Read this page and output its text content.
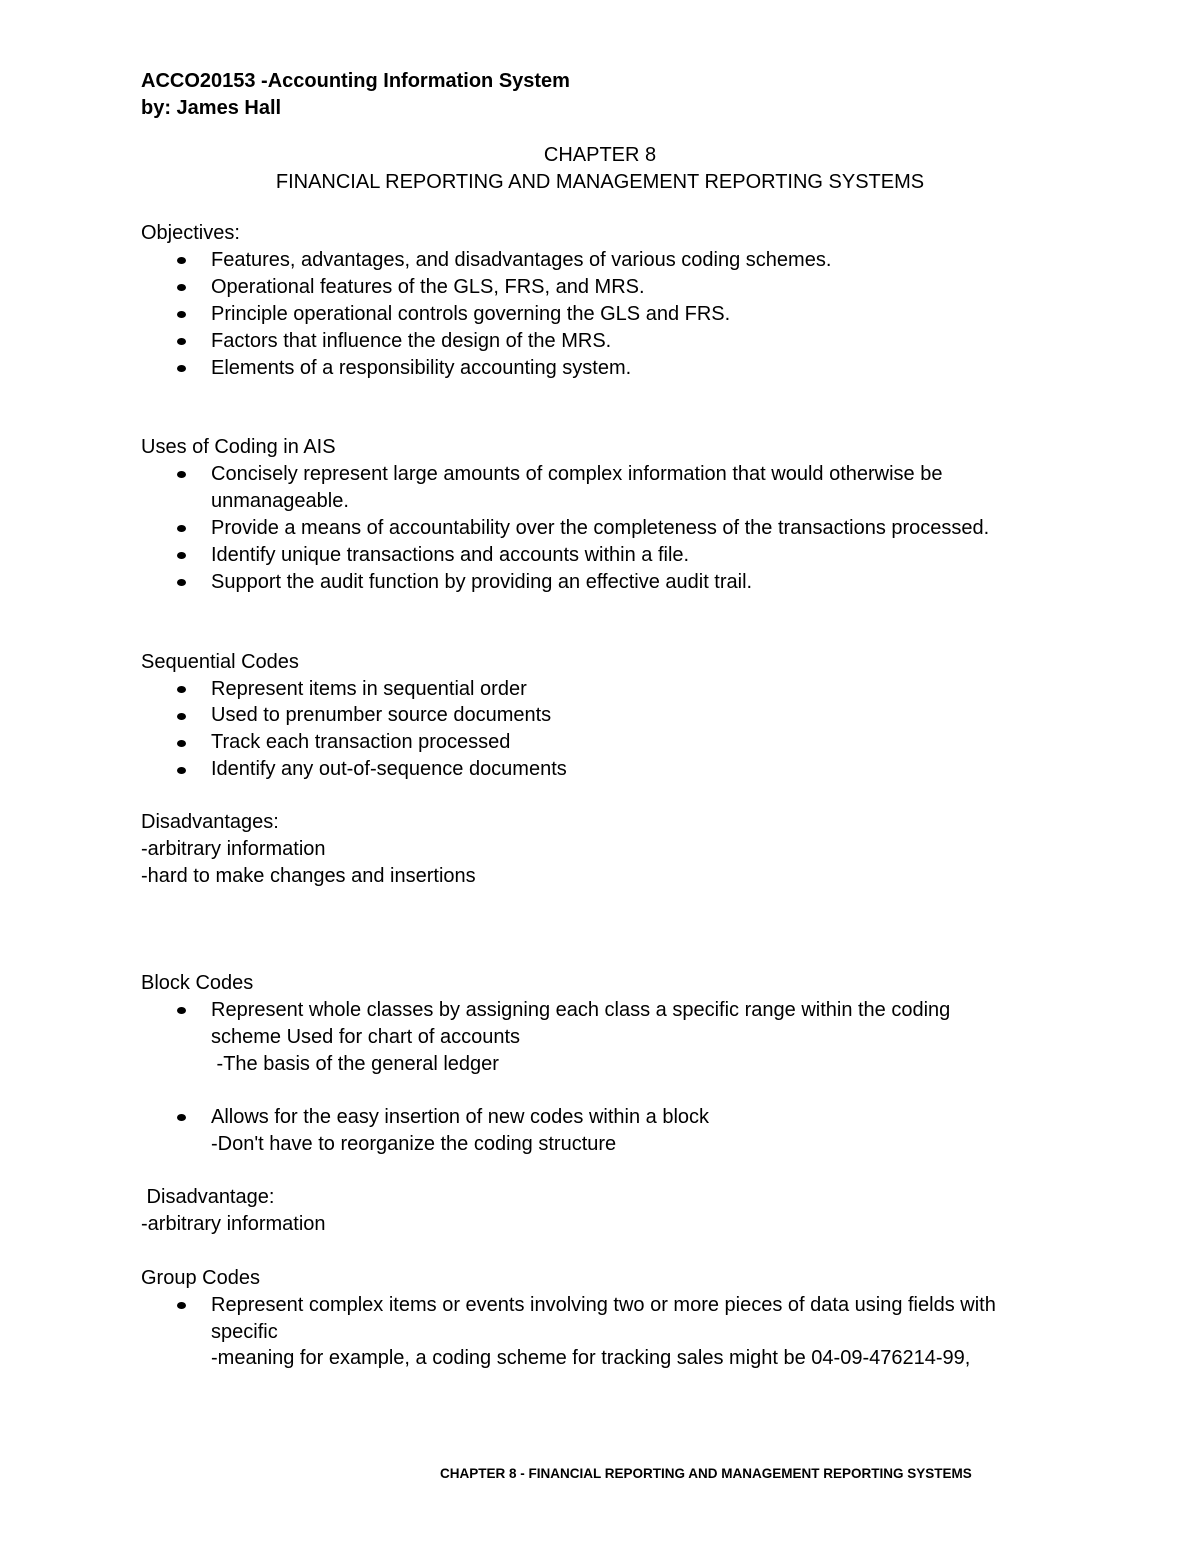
ACCO20153 -Accounting Information System
by: James Hall
CHAPTER 8
FINANCIAL REPORTING AND MANAGEMENT REPORTING SYSTEMS
Objectives:
Features, advantages, and disadvantages of various coding schemes.
Operational features of the GLS, FRS, and MRS.
Principle operational controls governing the GLS and FRS.
Factors that influence the design of the MRS.
Elements of a responsibility accounting system.
Uses of Coding in AIS
Concisely represent large amounts of complex information that would otherwise be
unmanageable.
Provide a means of accountability over the completeness of the transactions processed.
Identify unique transactions and accounts within a file.
Support the audit function by providing an effective audit trail.
Sequential Codes
Represent items in sequential order
Used to prenumber source documents
Track each transaction processed
Identify any out-of-sequence documents
Disadvantages:
-arbitrary information
-hard to make changes and insertions
Block Codes
Represent whole classes by assigning each class a specific range within the coding
scheme Used for chart of accounts
-The basis of the general ledger
Allows for the easy insertion of new codes within a block
-Don't have to reorganize the coding structure
Disadvantage:
-arbitrary information
Group Codes
Represent complex items or events involving two or more pieces of data using fields with
specific
-meaning for example, a coding scheme for tracking sales might be 04-09-476214-99,
CHAPTER 8 - FINANCIAL REPORTING AND MANAGEMENT REPORTING SYSTEMS
